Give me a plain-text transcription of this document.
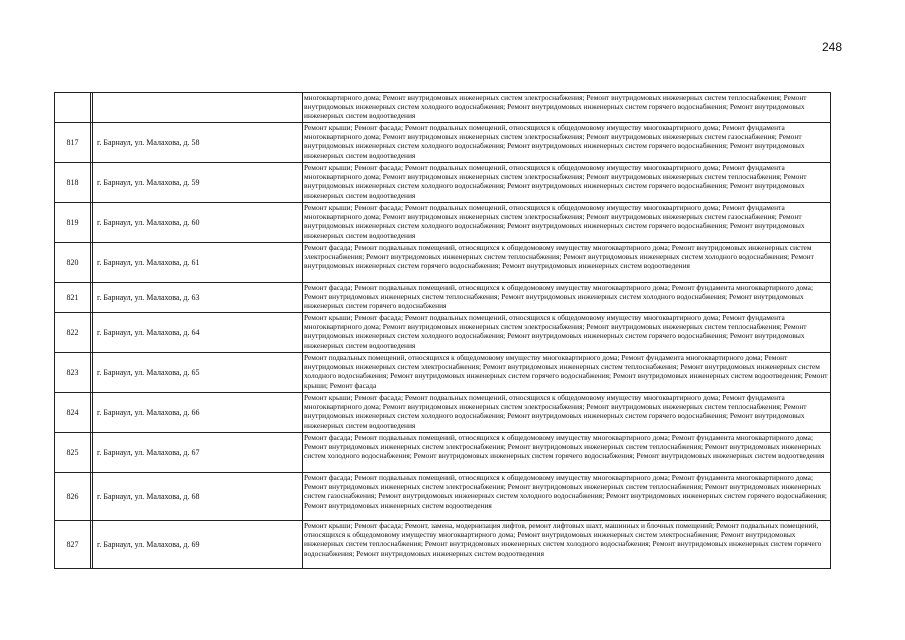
248
			многоквартирного дома; Ремонт внутридомовых инженерных систем электроснабжения; Ремонт внутридомовых инженерных систем теплоснабжения; Ремонт внутридомовых инженерных систем холодного водоснабжения; Ремонт внутридомовых инженерных систем горячего водоснабжения; Ремонт внутридомовых инженерных систем водоотведения
817		г. Барнаул, ул. Малахова, д. 58	Ремонт крыши; Ремонт фасада; Ремонт подвальных помещений, относящихся к общедомовому имуществу многоквартирного дома; Ремонт фундамента многоквартирного дома; Ремонт внутридомовых инженерных систем электроснабжения; Ремонт внутридомовых инженерных систем газоснабжения; Ремонт внутридомовых инженерных систем холодного водоснабжения; Ремонт внутридомовых инженерных систем горячего водоснабжения; Ремонт внутридомовых инженерных систем водоотведения
818		г. Барнаул, ул. Малахова, д. 59	Ремонт крыши; Ремонт фасада; Ремонт подвальных помещений, относящихся к общедомовому имуществу многоквартирного дома; Ремонт фундамента многоквартирного дома; Ремонт внутридомовых инженерных систем электроснабжения; Ремонт внутридомовых инженерных систем теплоснабжения; Ремонт внутридомовых инженерных систем холодного водоснабжения; Ремонт внутридомовых инженерных систем горячего водоснабжения; Ремонт внутридомовых инженерных систем водоотведения
819		г. Барнаул, ул. Малахова, д. 60	Ремонт крыши; Ремонт фасада; Ремонт подвальных помещений, относящихся к общедомовому имуществу многоквартирного дома; Ремонт фундамента многоквартирного дома; Ремонт внутридомовых инженерных систем электроснабжения; Ремонт внутридомовых инженерных систем газоснабжения; Ремонт внутридомовых инженерных систем холодного водоснабжения; Ремонт внутридомовых инженерных систем горячего водоснабжения; Ремонт внутридомовых инженерных систем водоотведения
820		г. Барнаул, ул. Малахова, д. 61	Ремонт фасада; Ремонт подвальных помещений, относящихся к общедомовому имуществу многоквартирного дома; Ремонт внутридомовых инженерных систем электроснабжения; Ремонт внутридомовых инженерных систем теплоснабжения; Ремонт внутридомовых инженерных систем холодного водоснабжения; Ремонт внутридомовых инженерных систем горячего водоснабжения; Ремонт внутридомовых инженерных систем водоотведения
821		г. Барнаул, ул. Малахова, д. 63	Ремонт фасада; Ремонт подвальных помещений, относящихся к общедомовому имуществу многоквартирного дома; Ремонт фундамента многоквартирного дома; Ремонт внутридомовых инженерных систем теплоснабжения; Ремонт внутридомовых инженерных систем холодного водоснабжения; Ремонт внутридомовых инженерных систем горячего водоснабжения
822		г. Барнаул, ул. Малахова, д. 64	Ремонт крыши; Ремонт фасада; Ремонт подвальных помещений, относящихся к общедомовому имуществу многоквартирного дома; Ремонт фундамента многоквартирного дома; Ремонт внутридомовых инженерных систем электроснабжения; Ремонт внутридомовых инженерных систем теплоснабжения; Ремонт внутридомовых инженерных систем холодного водоснабжения; Ремонт внутридомовых инженерных систем горячего водоснабжения; Ремонт внутридомовых инженерных систем водоотведения
823		г. Барнаул, ул. Малахова, д. 65	Ремонт подвальных помещений, относящихся к общедомовому имуществу многоквартирного дома; Ремонт фундамента многоквартирного дома; Ремонт внутридомовых инженерных систем электроснабжения; Ремонт внутридомовых инженерных систем теплоснабжения; Ремонт внутридомовых инженерных систем холодного водоснабжения; Ремонт внутридомовых инженерных систем горячего водоснабжения; Ремонт внутридомовых инженерных систем водоотведения; Ремонт крыши; Ремонт фасада
824		г. Барнаул, ул. Малахова, д. 66	Ремонт крыши; Ремонт фасада; Ремонт подвальных помещений, относящихся к общедомовому имуществу многоквартирного дома; Ремонт фундамента многоквартирного дома; Ремонт внутридомовых инженерных систем электроснабжения; Ремонт внутридомовых инженерных систем теплоснабжения; Ремонт внутридомовых инженерных систем холодного водоснабжения; Ремонт внутридомовых инженерных систем горячего водоснабжения; Ремонт внутридомовых инженерных систем водоотведения
825		г. Барнаул, ул. Малахова, д. 67	Ремонт фасада; Ремонт подвальных помещений, относящихся к общедомовому имуществу многоквартирного дома; Ремонт фундамента многоквартирного дома; Ремонт внутридомовых инженерных систем электроснабжения; Ремонт внутридомовых инженерных систем теплоснабжения; Ремонт внутридомовых инженерных систем холодного водоснабжения; Ремонт внутридомовых инженерных систем горячего водоснабжения; Ремонт внутридомовых инженерных систем водоотведения
826		г. Барнаул, ул. Малахова, д. 68	Ремонт фасада; Ремонт подвальных помещений, относящихся к общедомовому имуществу многоквартирного дома; Ремонт фундамента многоквартирного дома; Ремонт внутридомовых инженерных систем электроснабжения; Ремонт внутридомовых инженерных систем теплоснабжения; Ремонт внутридомовых инженерных систем газоснабжения; Ремонт внутридомовых инженерных систем холодного водоснабжения; Ремонт внутридомовых инженерных систем горячего водоснабжения; Ремонт внутридомовых инженерных систем водоотведения
827		г. Барнаул, ул. Малахова, д. 69	Ремонт крыши; Ремонт фасада; Ремонт, замена, модернизация лифтов, ремонт лифтовых шахт, машинных и блочных помещений; Ремонт подвальных помещений, относящихся к общедомовому имуществу многоквартирного дома; Ремонт внутридомовых инженерных систем электроснабжения; Ремонт внутридомовых инженерных систем теплоснабжения; Ремонт внутридомовых инженерных систем холодного водоснабжения; Ремонт внутридомовых инженерных систем горячего водоснабжения; Ремонт внутридомовых инженерных систем водоотведения
